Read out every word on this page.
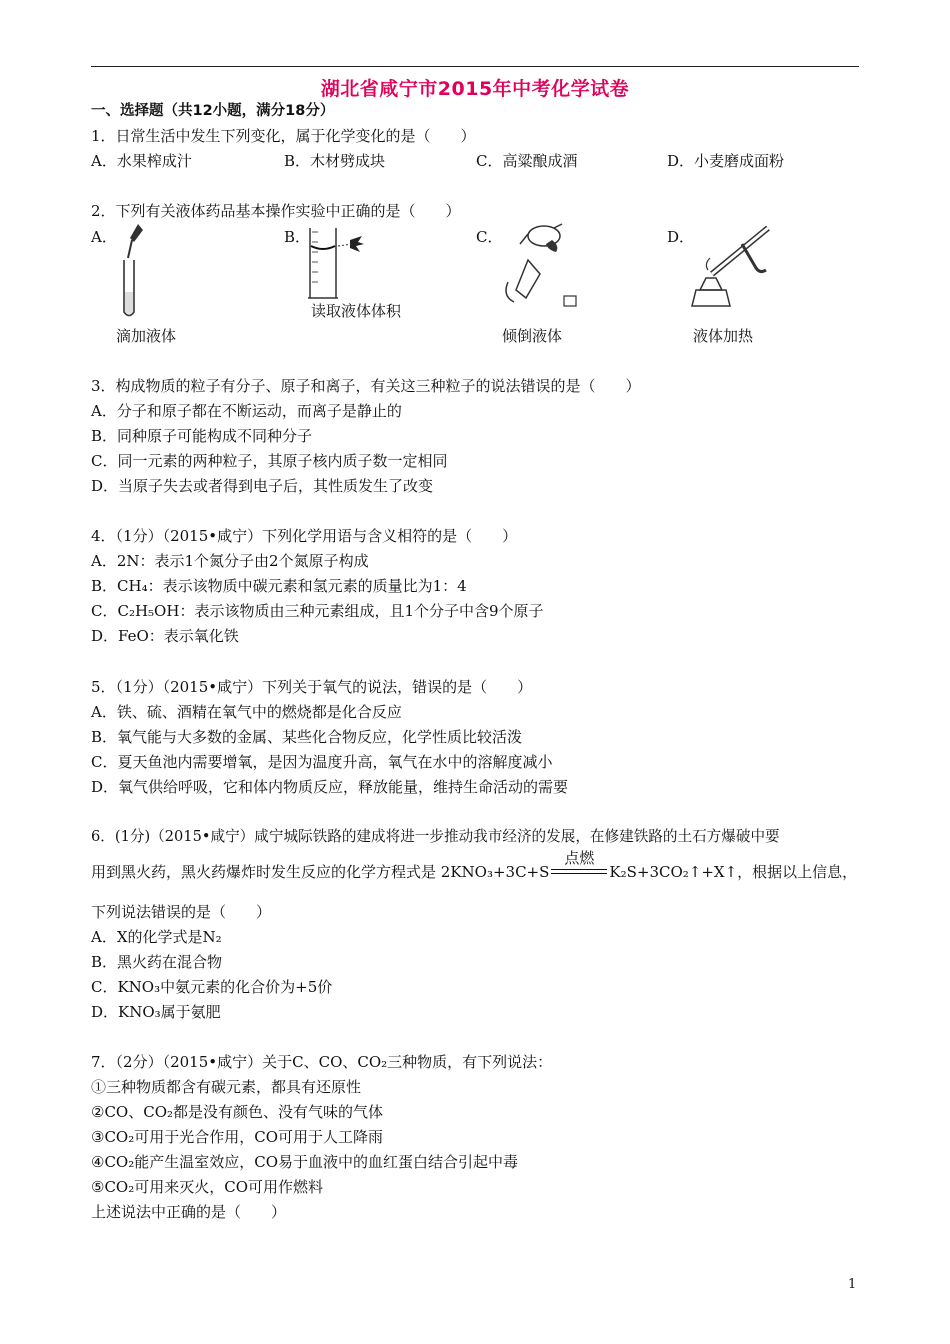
湖北省咸宁市2015年中考化学试卷
一、选择题（共12小题，满分18分）
1．日常生活中发生下列变化，属于化学变化的是（　　）
A．水果榨成汁	B．木材劈成块	C．高粱酿成酒	D．小麦磨成面粉
2．下列有关液体药品基本操作实验中正确的是（　　）
A．	B．	C．	D．
读取液体体积
滴加液体	倾倒液体	液体加热
3．构成物质的粒子有分子、原子和离子，有关这三种粒子的说法错误的是（　　）
A．分子和原子都在不断运动，而离子是静止的
B．同种原子可能构成不同种分子
C．同一元素的两种粒子，其原子核内质子数一定相同
D．当原子失去或者得到电子后，其性质发生了改变
4．（1分）（2015•咸宁）下列化学用语与含义相符的是（　　）
A．2N：表示1个氮分子由2个氮原子构成
B．CH₄：表示该物质中碳元素和氢元素的质量比为1：4
C．C₂H₅OH：表示该物质由三种元素组成，且1个分子中含9个原子
D．FeO：表示氧化铁
5．（1分）（2015•咸宁）下列关于氧气的说法，错误的是（　　）
A．铁、硫、酒精在氧气中的燃烧都是化合反应
B．氧气能与大多数的金属、某些化合物反应，化学性质比较活泼
C．夏天鱼池内需要增氧，是因为温度升高，氧气在水中的溶解度减小
D．氧气供给呼吸，它和体内物质反应，释放能量，维持生命活动的需要
6．(1分)（2015•咸宁）咸宁城际铁路的建成将进一步推动我市经济的发展，在修建铁路的土石方爆破中要
用到黑火药，黑火药爆炸时发生反应的化学方程式是 2KNO₃+3C+S
点燃
K₂S+3CO₂↑+X↑，根据以上信息，
下列说法错误的是（　　）
A．X的化学式是N₂
B．黑火药在混合物
C．KNO₃中氨元素的化合价为+5价
D．KNO₃属于氨肥
7．（2分）（2015•咸宁）关于C、CO、CO₂三种物质，有下列说法：
①三种物质都含有碳元素，都具有还原性
②CO、CO₂都是没有颜色、没有气味的气体
③CO₂可用于光合作用，CO可用于人工降雨
④CO₂能产生温室效应，CO易于血液中的血红蛋白结合引起中毒
⑤CO₂可用来灭火，CO可用作燃料
上述说法中正确的是（　　）
1
